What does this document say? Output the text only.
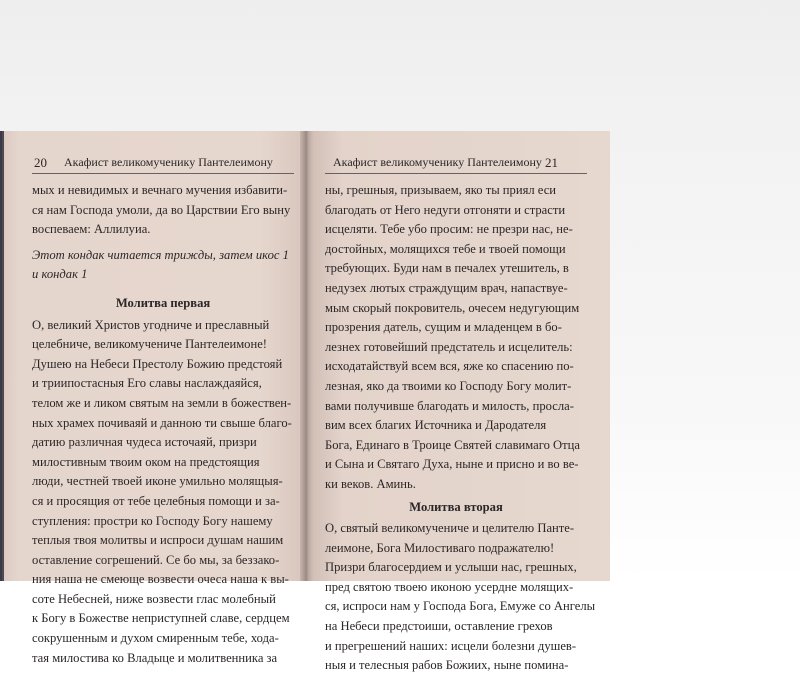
20 Акафист великомученику Пантелеимону
мых и невидимых и вечнаго мучения избавити-
ся нам Господа умоли, да во Царствии Его выну
воспеваем: Аллилуиа.
Этот кондак читается трижды, затем икос 1
и кондак 1
Молитва первая
О, великий Христов угодниче и преславный
целебниче, великомучениче Пантелеимоне!
Душею на Небеси Престолу Божию предстояй
и триипостасныя Его славы наслаждаяйся,
телом же и ликом святым на земли в божествен-
ных храмех почиваяй и данною ти свыше благо-
датию различная чудеса источаяй, призри
милостивным твоим оком на предстоящия
люди, честней твоей иконе умильно молящыя-
ся и просящия от тебе целебныя помощи и за-
ступления: простри ко Господу Богу нашему
теплыя твоя молитвы и испроси душам нашим
оставление согрешений. Се бо мы, за беззако-
ния наша не смеюще возвести очеса наша к вы-
соте Небесней, ниже возвести глас молебный
к Богу в Божестве неприступней славе, сердцем
сокрушенным и духом смиренным тебе, хода-
тая милостива ко Владыце и молитвенника за
Акафист великомученику Пантелеимону 21
ны, грешныя, призываем, яко ты приял еси
благодать от Него недуги отгоняти и страсти
исцеляти. Тебе убо просим: не презри нас, не-
достойных, молящихся тебе и твоей помощи
требующих. Буди нам в печалех утешитель, в
недузех лютых страждущим врач, напаствуе-
мым скорый покровитель, очесем недугующим
прозрения датель, сущим и младенцем в бо-
лезнех готовейший предстатель и исцелитель:
исходатайствуй всем вся, яже ко спасению по-
лезная, яко да твоими ко Господу Богу молит-
вами получивше благодать и милость, просла-
вим всех благих Источника и Дародателя
Бога, Единаго в Троице Святей славимаго Отца
и Сына и Святаго Духа, ныне и присно и во ве-
ки веков. Аминь.
Молитва вторая
О, святый великомучениче и целителю Панте-
леимоне, Бога Милостиваго подражателю!
Призри благосердием и услыши нас, грешных,
пред святою твоею иконою усердне молящих-
ся, испроси нам у Господа Бога, Емуже со Ангелы
на Небеси предстоиши, оставление грехов
и прегрешений наших: исцели болезни душев-
ныя и телесныя рабов Божиих, ныне помина-
